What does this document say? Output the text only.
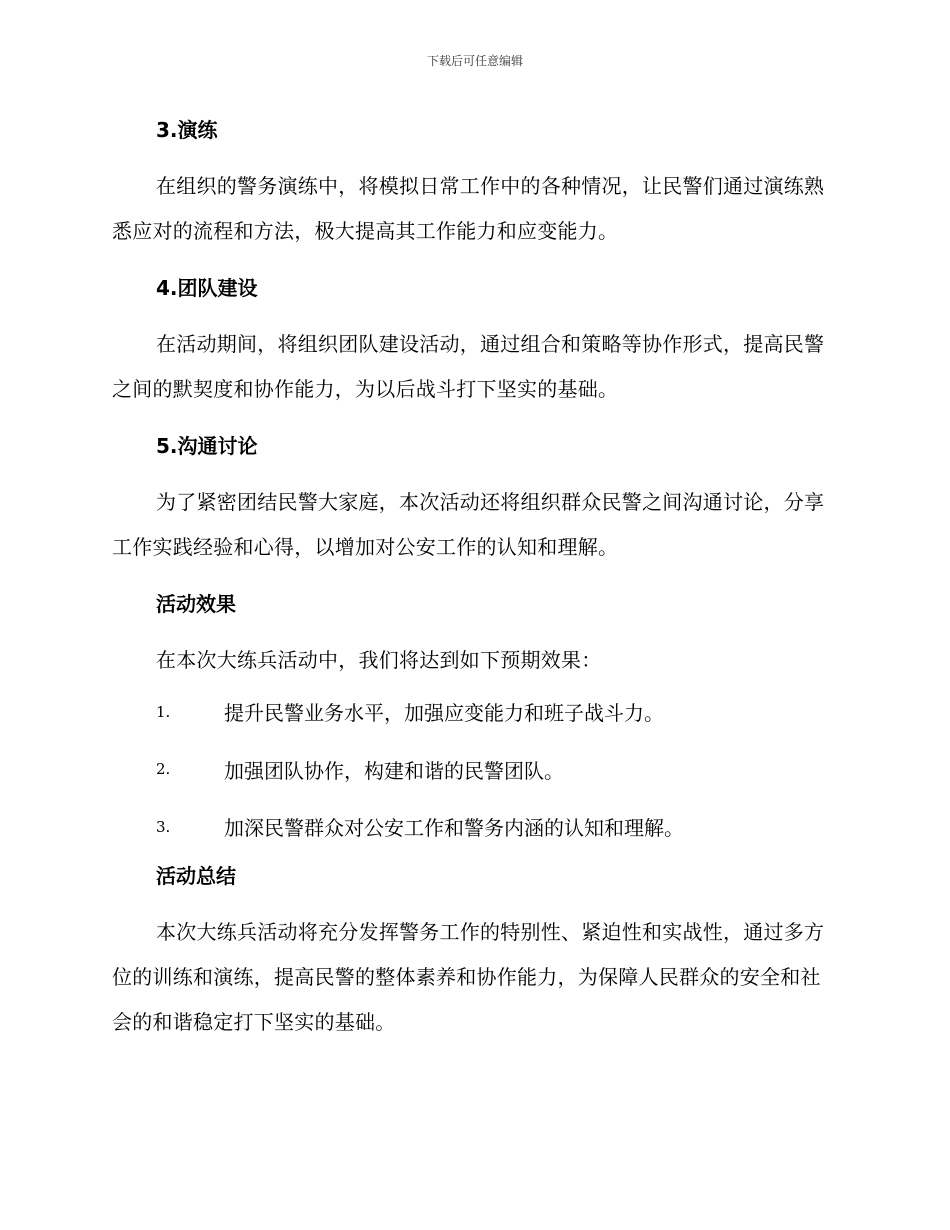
下载后可任意编辑
3.演练

在组织的警务演练中，将模拟日常工作中的各种情况，让民警们通过演练熟悉应对的流程和方法，极大提高其工作能力和应变能力。

4.团队建设

在活动期间，将组织团队建设活动，通过组合和策略等协作形式，提高民警之间的默契度和协作能力，为以后战斗打下坚实的基础。

5.沟通讨论

为了紧密团结民警大家庭，本次活动还将组织群众民警之间沟通讨论，分享工作实践经验和心得，以增加对公安工作的认知和理解。

活动效果

在本次大练兵活动中，我们将达到如下预期效果：

1.	提升民警业务水平，加强应变能力和班子战斗力。
2.	加强团队协作，构建和谐的民警团队。
3.	加深民警群众对公安工作和警务内涵的认知和理解。
活动总结

本次大练兵活动将充分发挥警务工作的特别性、紧迫性和实战性，通过多方位的训练和演练，提高民警的整体素养和协作能力，为保障人民群众的安全和社会的和谐稳定打下坚实的基础。
